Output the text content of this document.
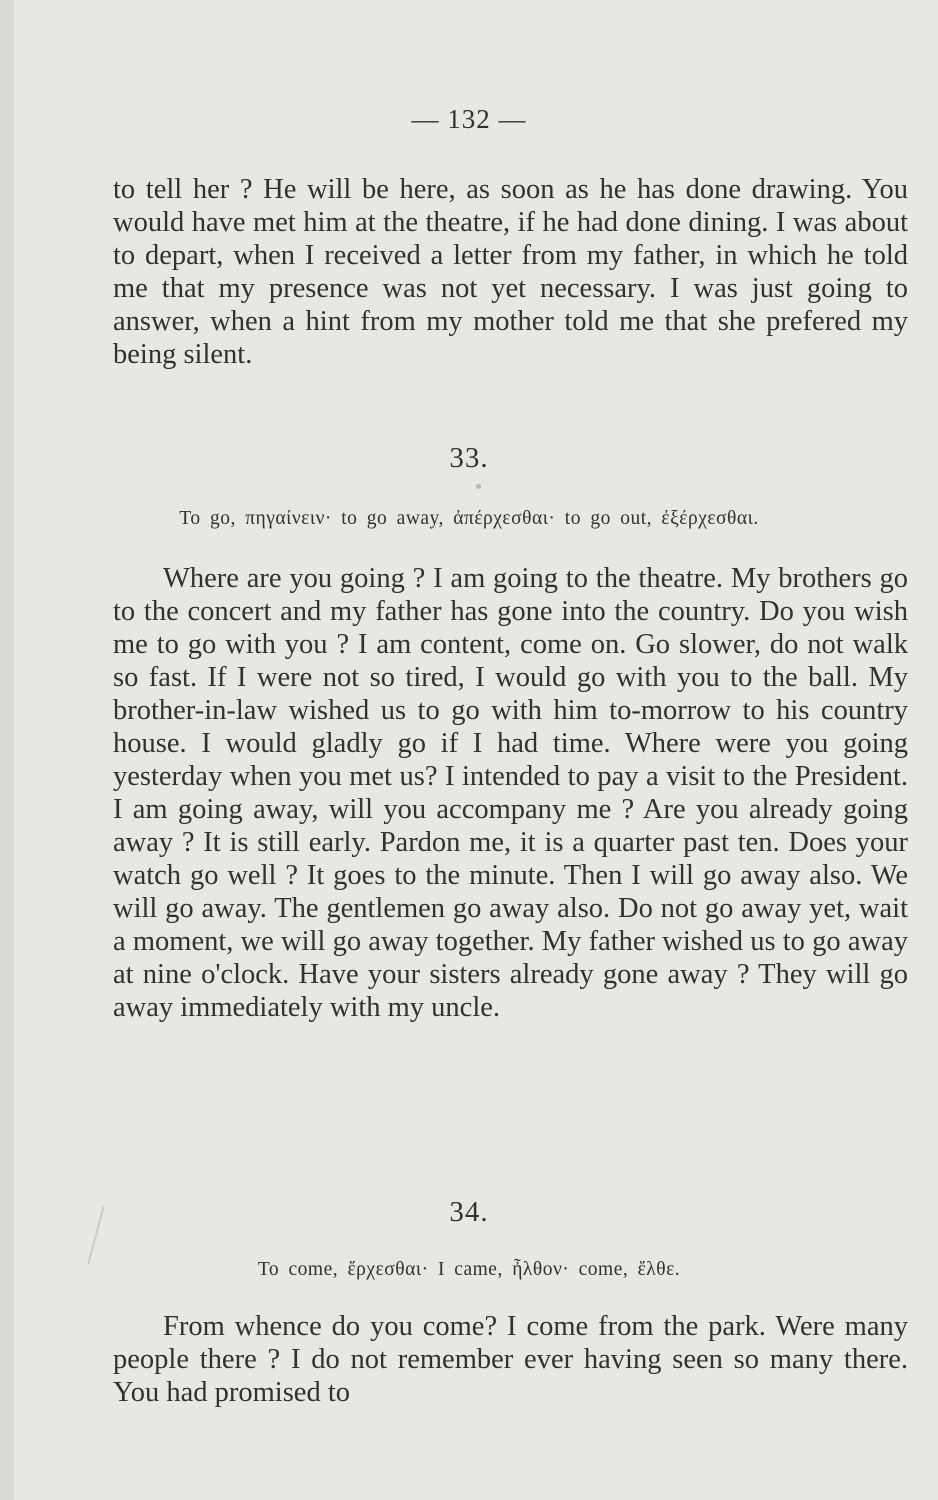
— 132 —

to tell her ? He will be here, as soon as he has done drawing. You would have met him at the theatre, if he had done dining. I was about to depart, when I received a letter from my father, in which he told me that my presence was not yet necessary. I was just going to answer, when a hint from my mother told me that she prefered my being silent.

33.
To go, πηγαίνειν· to go away, ἀπέρχεσθαι· to go out, ἐξέρχεσθαι.

Where are you going ? I am going to the theatre. My brothers go to the concert and my father has gone into the country. Do you wish me to go with you ? I am content, come on. Go slower, do not walk so fast. If I were not so tired, I would go with you to the ball. My brother-in-law wished us to go with him to-morrow to his country house. I would gladly go if I had time. Where were you going yesterday when you met us? I intended to pay a visit to the President. I am going away, will you accompany me ? Are you already going away ? It is still early. Pardon me, it is a quarter past ten. Does your watch go well ? It goes to the minute. Then I will go away also. We will go away. The gentlemen go away also. Do not go away yet, wait a moment, we will go away together. My father wished us to go away at nine o'clock. Have your sisters already gone away ? They will go away immediately with my uncle.

34.
To come, ἔρχεσθαι· I came, ἦλθον· come, ἔλθε.

From whence do you come? I come from the park. Were many people there ? I do not remember ever having seen so many there. You had promised to
